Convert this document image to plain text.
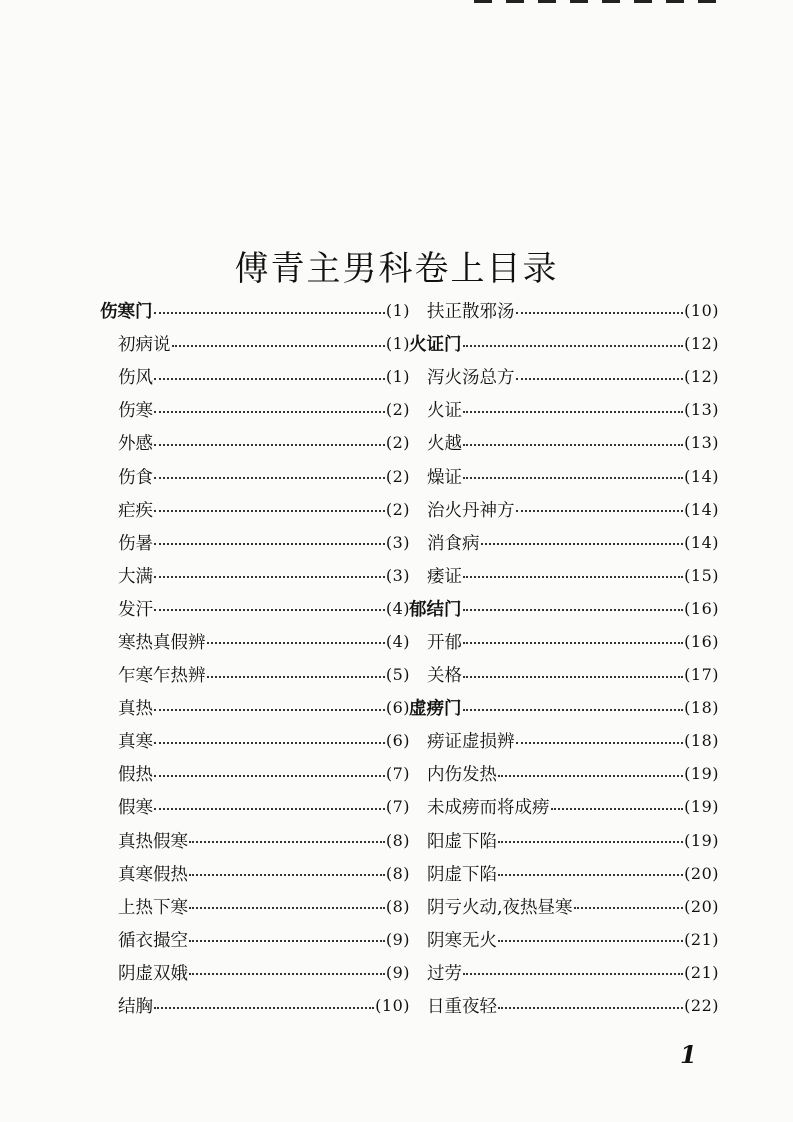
傅青主男科卷上目录
伤寒门	(1)
初病说	(1)
伤风	(1)
伤寒	(2)
外感	(2)
伤食	(2)
疟疾	(2)
伤暑	(3)
大满	(3)
发汗	(4)
寒热真假辨	(4)
乍寒乍热辨	(5)
真热	(6)
真寒	(6)
假热	(7)
假寒	(7)
真热假寒	(8)
真寒假热	(8)
上热下寒	(8)
循衣撮空	(9)
阴虚双娥	(9)
结胸	(10)
扶正散邪汤	(10)
火证门	(12)
泻火汤总方	(12)
火证	(13)
火越	(13)
燥证	(14)
治火丹神方	(14)
消食病	(14)
痿证	(15)
郁结门	(16)
开郁	(16)
关格	(17)
虚痨门	(18)
痨证虚损辨	(18)
内伤发热	(19)
未成痨而将成痨	(19)
阳虚下陷	(19)
阴虚下陷	(20)
阴亏火动,夜热昼寒	(20)
阴寒无火	(21)
过劳	(21)
日重夜轻	(22)
1
